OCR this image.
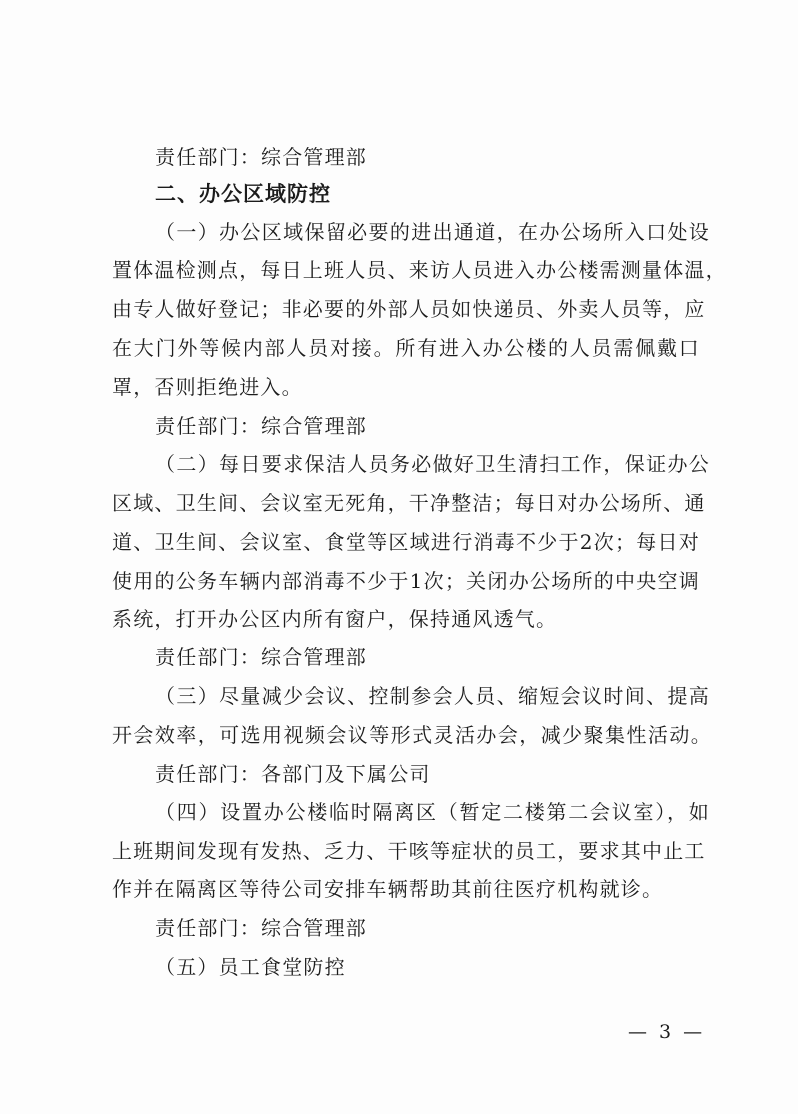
责任部门：综合管理部
二、办公区域防控
（一）办公区域保留必要的进出通道，在办公场所入口处设
置体温检测点，每日上班人员、来访人员进入办公楼需测量体温，
由专人做好登记；非必要的外部人员如快递员、外卖人员等，应
在大门外等候内部人员对接。所有进入办公楼的人员需佩戴口
罩，否则拒绝进入。
责任部门：综合管理部
（二）每日要求保洁人员务必做好卫生清扫工作，保证办公
区域、卫生间、会议室无死角，干净整洁；每日对办公场所、通
道、卫生间、会议室、食堂等区域进行消毒不少于2次；每日对
使用的公务车辆内部消毒不少于1次；关闭办公场所的中央空调
系统，打开办公区内所有窗户，保持通风透气。
责任部门：综合管理部
（三）尽量减少会议、控制参会人员、缩短会议时间、提高
开会效率，可选用视频会议等形式灵活办会，减少聚集性活动。
责任部门：各部门及下属公司
（四）设置办公楼临时隔离区（暂定二楼第二会议室），如
上班期间发现有发热、乏力、干咳等症状的员工，要求其中止工
作并在隔离区等待公司安排车辆帮助其前往医疗机构就诊。
责任部门：综合管理部
（五）员工食堂防控
— 3 —
